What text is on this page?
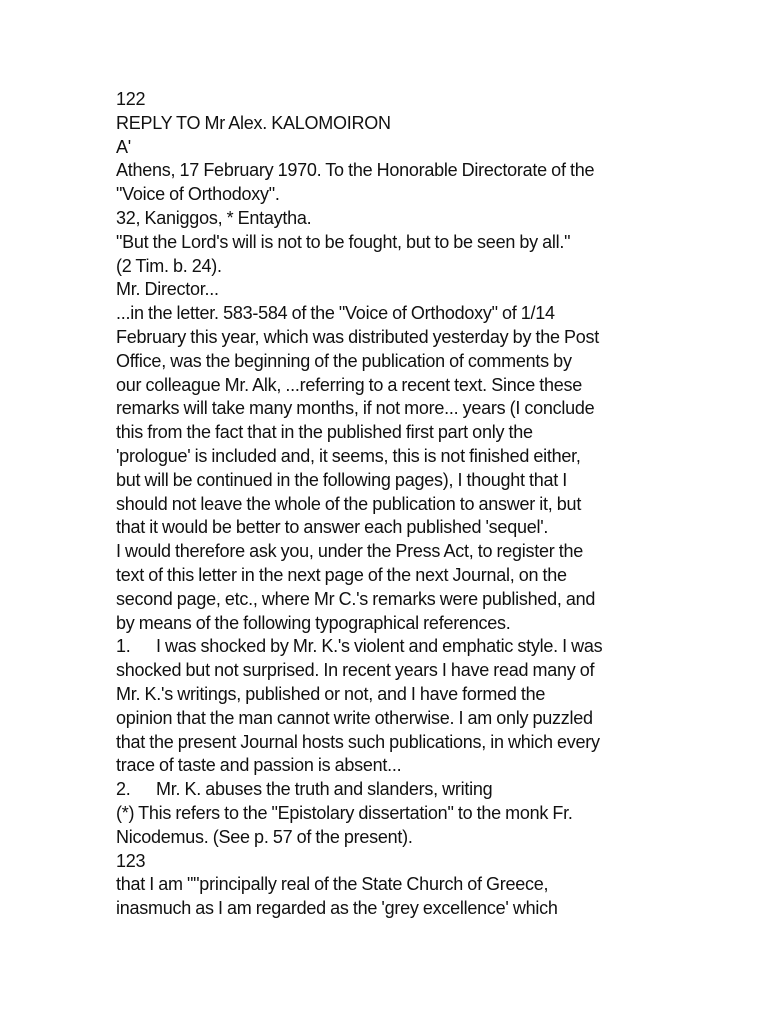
122
REPLY TO Mr Alex. KALOMOIRON
A'
Athens, 17 February 1970. To the Honorable Directorate of the
"Voice of Orthodoxy".
32, Kaniggos, * Entaytha.
"But the Lord's will is not to be fought, but to be seen by all."
(2 Tim. b. 24).
Mr. Director...
...in the letter. 583-584 of the "Voice of Orthodoxy" of 1/14
February this year, which was distributed yesterday by the Post
Office, was the beginning of the publication of comments by
our colleague Mr. Alk, ...referring to a recent text. Since these
remarks will take many months, if not more... years (I conclude
this from the fact that in the published first part only the
'prologue' is included and, it seems, this is not finished either,
but will be continued in the following pages), I thought that I
should not leave the whole of the publication to answer it, but
that it would be better to answer each published 'sequel'.
I would therefore ask you, under the Press Act, to register the
text of this letter in the next page of the next Journal, on the
second page, etc., where Mr C.'s remarks were published, and
by means of the following typographical references.
1.      I was shocked by Mr. K.'s violent and emphatic style. I was
shocked but not surprised. In recent years I have read many of
Mr. K.'s writings, published or not, and I have formed the
opinion that the man cannot write otherwise. I am only puzzled
that the present Journal hosts such publications, in which every
trace of taste and passion is absent...
2.      Mr. K. abuses the truth and slanders, writing
(*) This refers to the "Epistolary dissertation" to the monk Fr.
Nicodemus. (See p. 57 of the present).
123
that I am ""principally real of the State Church of Greece,
inasmuch as I am regarded as the 'grey excellence' which
